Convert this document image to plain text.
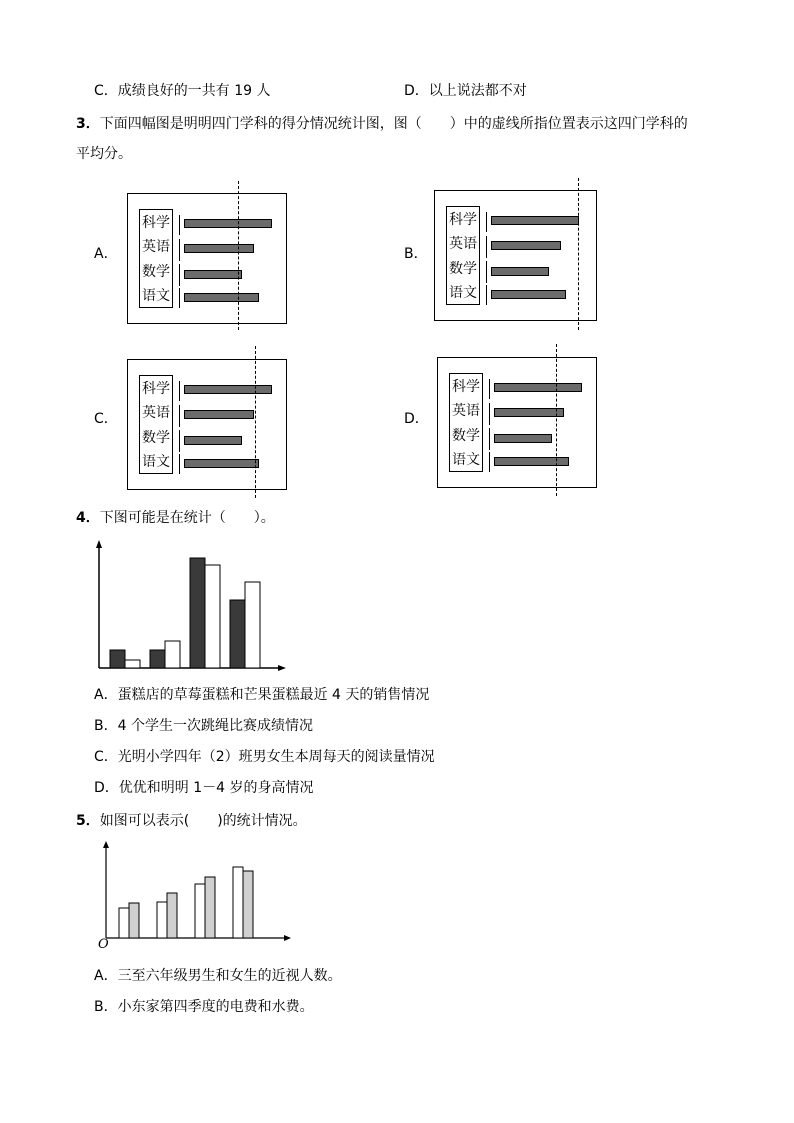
C．成绩良好的一共有 19 人	D．以上说法都不对
3．下面四幅图是明明四门学科的得分情况统计图，图（　　）中的虚线所指位置表示这四门学科的
平均分。
A．
科学
英语
数学
语文
B．
科学
英语
数学
语文
C．
科学
英语
数学
语文
D．
科学
英语
数学
语文
4．下图可能是在统计（　　）。
A．蛋糕店的草莓蛋糕和芒果蛋糕最近 4 天的销售情况
B．4 个学生一次跳绳比赛成绩情况
C．光明小学四年（2）班男女生本周每天的阅读量情况
D．优优和明明 1－4 岁的身高情况
5．如图可以表示(　　)的统计情况。
O
A．三至六年级男生和女生的近视人数。
B．小东家第四季度的电费和水费。
